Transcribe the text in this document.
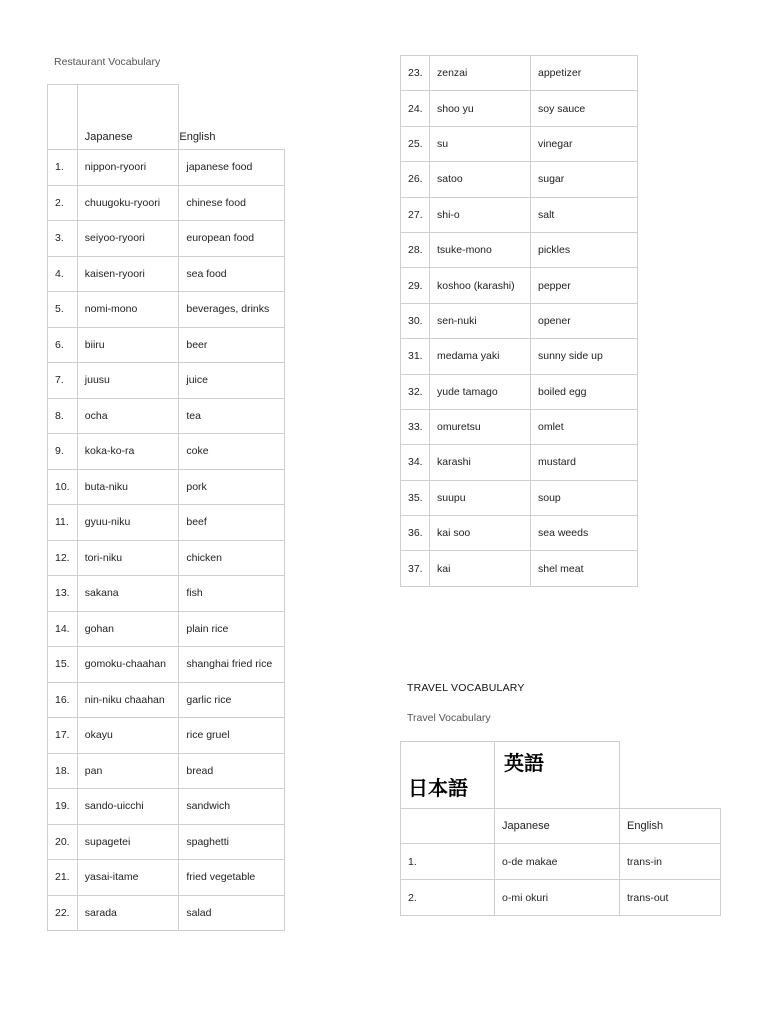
Restaurant Vocabulary
	Japanese	English
1.	nippon-ryoori	japanese food
2.	chuugoku-ryoori	chinese food
3.	seiyoo-ryoori	european food
4.	kaisen-ryoori	sea food
5.	nomi-mono	beverages, drinks
6.	biiru	beer
7.	juusu	juice
8.	ocha	tea
9.	koka-ko-ra	coke
10.	buta-niku	pork
11.	gyuu-niku	beef
12.	tori-niku	chicken
13.	sakana	fish
14.	gohan	plain rice
15.	gomoku-chaahan	shanghai fried rice
16.	nin-niku chaahan	garlic rice
17.	okayu	rice gruel
18.	pan	bread
19.	sando-uicchi	sandwich
20.	supagetei	spaghetti
21.	yasai-itame	fried vegetable
22.	sarada	salad
23.	zenzai	appetizer
24.	shoo yu	soy sauce
25.	su	vinegar
26.	satoo	sugar
27.	shi-o	salt
28.	tsuke-mono	pickles
29.	koshoo (karashi)	pepper
30.	sen-nuki	opener
31.	medama yaki	sunny side up
32.	yude tamago	boiled egg
33.	omuretsu	omlet
34.	karashi	mustard
35.	suupu	soup
36.	kai soo	sea weeds
37.	kai	shel meat
TRAVEL VOCABULARY
Travel Vocabulary
日本語	英語	

	Japanese	English
1.	o-de makae	trans-in
2.	o-mi okuri	trans-out
